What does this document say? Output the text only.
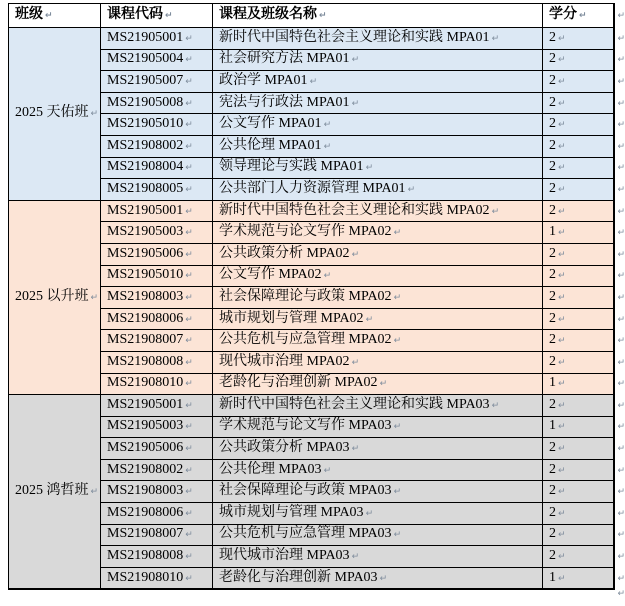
班级 ↵	课程代码 ↵	课程及班级名称 ↵	学分 ↵
2025 天佑班 ↵	MS21905001 ↵	新时代中国特色社会主义理论和实践 MPA01 ↵	2 ↵
	MS21905004 ↵	社会研究方法 MPA01 ↵	2 ↵
	MS21905007 ↵	政治学 MPA01 ↵	2 ↵
	MS21905008 ↵	宪法与行政法 MPA01 ↵	2 ↵
	MS21905010 ↵	公文写作 MPA01 ↵	2 ↵
	MS21908002 ↵	公共伦理 MPA01 ↵	2 ↵
	MS21908004 ↵	领导理论与实践 MPA01 ↵	2 ↵
	MS21908005 ↵	公共部门人力资源管理 MPA01 ↵	2 ↵
2025 以升班 ↵	MS21905001 ↵	新时代中国特色社会主义理论和实践 MPA02 ↵	2 ↵
	MS21905003 ↵	学术规范与论文写作 MPA02 ↵	1 ↵
	MS21905006 ↵	公共政策分析 MPA02 ↵	2 ↵
	MS21905010 ↵	公文写作 MPA02 ↵	2 ↵
	MS21908003 ↵	社会保障理论与政策 MPA02 ↵	2 ↵
	MS21908006 ↵	城市规划与管理 MPA02 ↵	2 ↵
	MS21908007 ↵	公共危机与应急管理 MPA02 ↵	2 ↵
	MS21908008 ↵	现代城市治理 MPA02 ↵	2 ↵
	MS21908010 ↵	老龄化与治理创新 MPA02 ↵	1 ↵
2025 鸿哲班 ↵	MS21905001 ↵	新时代中国特色社会主义理论和实践 MPA03 ↵	2 ↵
	MS21905003 ↵	学术规范与论文写作 MPA03 ↵	1 ↵
	MS21905006 ↵	公共政策分析 MPA03 ↵	2 ↵
	MS21908002 ↵	公共伦理 MPA03 ↵	2 ↵
	MS21908003 ↵	社会保障理论与政策 MPA03 ↵	2 ↵
	MS21908006 ↵	城市规划与管理 MPA03 ↵	2 ↵
	MS21908007 ↵	公共危机与应急管理 MPA03 ↵	2 ↵
	MS21908008 ↵	现代城市治理 MPA03 ↵	2 ↵
	MS21908010 ↵	老龄化与治理创新 MPA03 ↵	1 ↵
↵
↵
↵
↵
↵
↵
↵
↵
↵
↵
↵
↵
↵
↵
↵
↵
↵
↵
↵
↵
↵
↵
↵
↵
↵
↵
↵
↵
